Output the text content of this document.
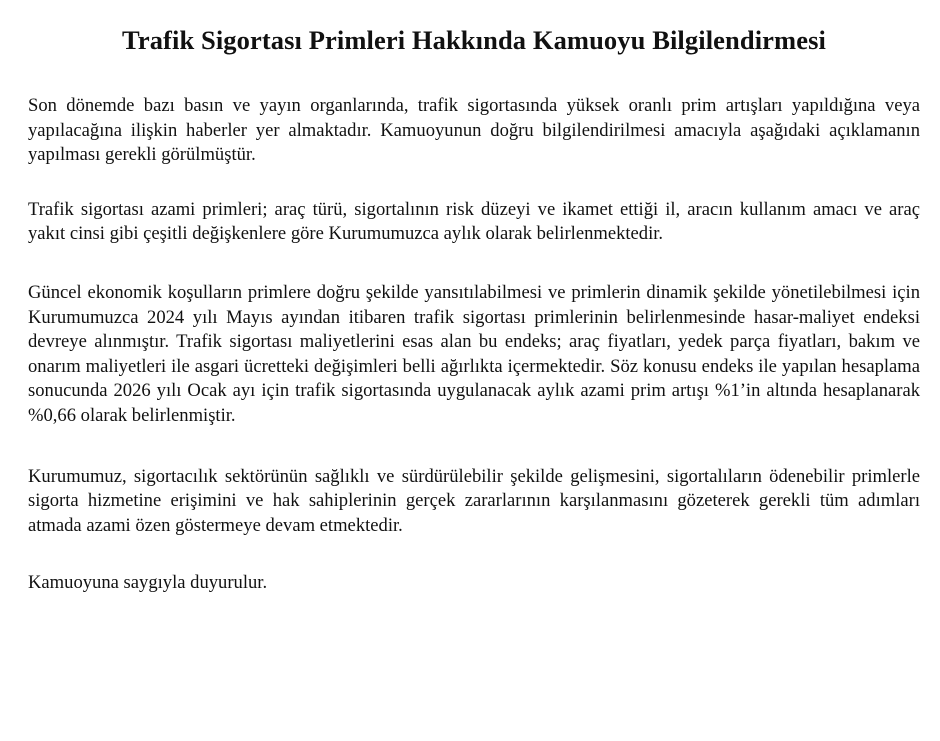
Trafik Sigortası Primleri Hakkında Kamuoyu Bilgilendirmesi

Son dönemde bazı basın ve yayın organlarında, trafik sigortasında yüksek oranlı prim artışları yapıldığına veya yapılacağına ilişkin haberler yer almaktadır. Kamuoyunun doğru bilgilendirilmesi amacıyla aşağıdaki açıklamanın yapılması gerekli görülmüştür.

Trafik sigortası azami primleri; araç türü, sigortalının risk düzeyi ve ikamet ettiği il, aracın kullanım amacı ve araç yakıt cinsi gibi çeşitli değişkenlere göre Kurumumuzca aylık olarak belirlenmektedir.

Güncel ekonomik koşulların primlere doğru şekilde yansıtılabilmesi ve primlerin dinamik şekilde yönetilebilmesi için Kurumumuzca 2024 yılı Mayıs ayından itibaren trafik sigortası primlerinin belirlenmesinde hasar-maliyet endeksi devreye alınmıştır. Trafik sigortası maliyetlerini esas alan bu endeks; araç fiyatları, yedek parça fiyatları, bakım ve onarım maliyetleri ile asgari ücretteki değişimleri belli ağırlıkta içermektedir. Söz konusu endeks ile yapılan hesaplama sonucunda 2026 yılı Ocak ayı için trafik sigortasında uygulanacak aylık azami prim artışı %1’in altında hesaplanarak %0,66 olarak belirlenmiştir.

Kurumumuz, sigortacılık sektörünün sağlıklı ve sürdürülebilir şekilde gelişmesini, sigortalıların ödenebilir primlerle sigorta hizmetine erişimini ve hak sahiplerinin gerçek zararlarının karşılanmasını gözeterek gerekli tüm adımları atmada azami özen göstermeye devam etmektedir.

Kamuoyuna saygıyla duyurulur.
